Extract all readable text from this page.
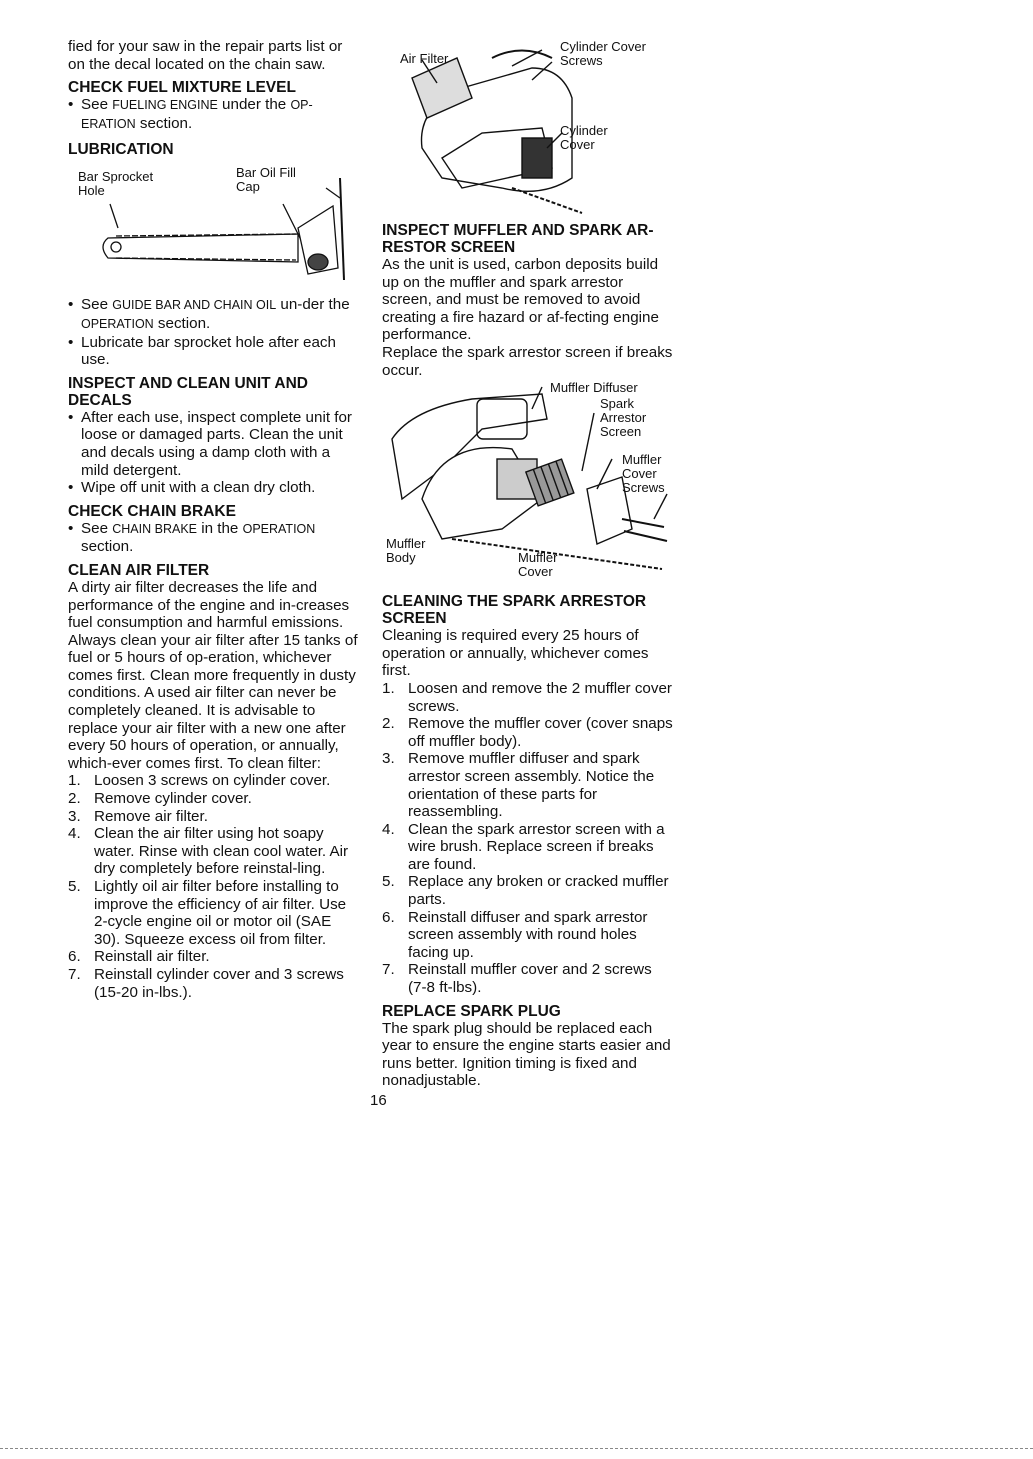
fied for your saw in the repair parts list or on the decal located on the chain saw.

CHECK FUEL MIXTURE LEVEL

• See FUELING ENGINE under the OP- ERATION section.

LUBRICATION
Bar Sprocket Hole
Bar Oil Fill Cap

• See GUIDE BAR AND CHAIN OIL un-der the OPERATION section.

• Lubricate bar sprocket hole after each use.

INSPECT AND CLEAN UNIT AND DECALS

• After each use, inspect complete unit for loose or damaged parts. Clean the unit and decals using a damp cloth with a mild detergent.

• Wipe off unit with a clean dry cloth.

CHECK CHAIN BRAKE

• See CHAIN BRAKE in the OPERATION section.

CLEAN AIR FILTER

A dirty air filter decreases the life and performance of the engine and in-creases fuel consumption and harmful emissions. Always clean your air filter after 15 tanks of fuel or 5 hours of op-eration, whichever comes first. Clean more frequently in dusty conditions. A used air filter can never be completely cleaned. It is advisable to replace your air filter with a new one after every 50 hours of operation, or annually, which-ever comes first. To clean filter:

1. Loosen 3 screws on cylinder cover.
2. Remove cylinder cover.
3. Remove air filter.
4. Clean the air filter using hot soapy water. Rinse with clean cool water. Air dry completely before reinstal-ling.
5. Lightly oil air filter before installing to improve the efficiency of air filter. Use 2-cycle engine oil or motor oil (SAE 30). Squeeze excess oil from filter.
6. Reinstall air filter.
7. Reinstall cylinder cover and 3 screws (15-20 in-lbs.).
Air Filter
Cylinder Cover Screws
Cylinder Cover
INSPECT MUFFLER AND SPARK AR-RESTOR SCREEN

As the unit is used, carbon deposits build up on the muffler and spark arrestor screen, and must be removed to avoid creating a fire hazard or af-fecting engine performance.

Replace the spark arrestor screen if breaks occur.

Muffler Diffuser
Spark Arrestor Screen
Muffler Cover Screws
Muffler Body	Muffler Cover
CLEANING THE SPARK ARRESTOR SCREEN

Cleaning is required every 25 hours of operation or annually, whichever comes first.

1. Loosen and remove the 2 muffler cover screws.
2. Remove the muffler cover (cover snaps off muffler body).
3. Remove muffler diffuser and spark arrestor screen assembly. Notice the orientation of these parts for reassembling.
4. Clean the spark arrestor screen with a wire brush. Replace screen if breaks are found.
5. Replace any broken or cracked muffler parts.
6. Reinstall diffuser and spark arrestor screen assembly with round holes facing up.
7. Reinstall muffler cover and 2 screws (7-8 ft-lbs).
REPLACE SPARK PLUG

The spark plug should be replaced each year to ensure the engine starts easier and runs better. Ignition timing is fixed and nonadjustable.

16
